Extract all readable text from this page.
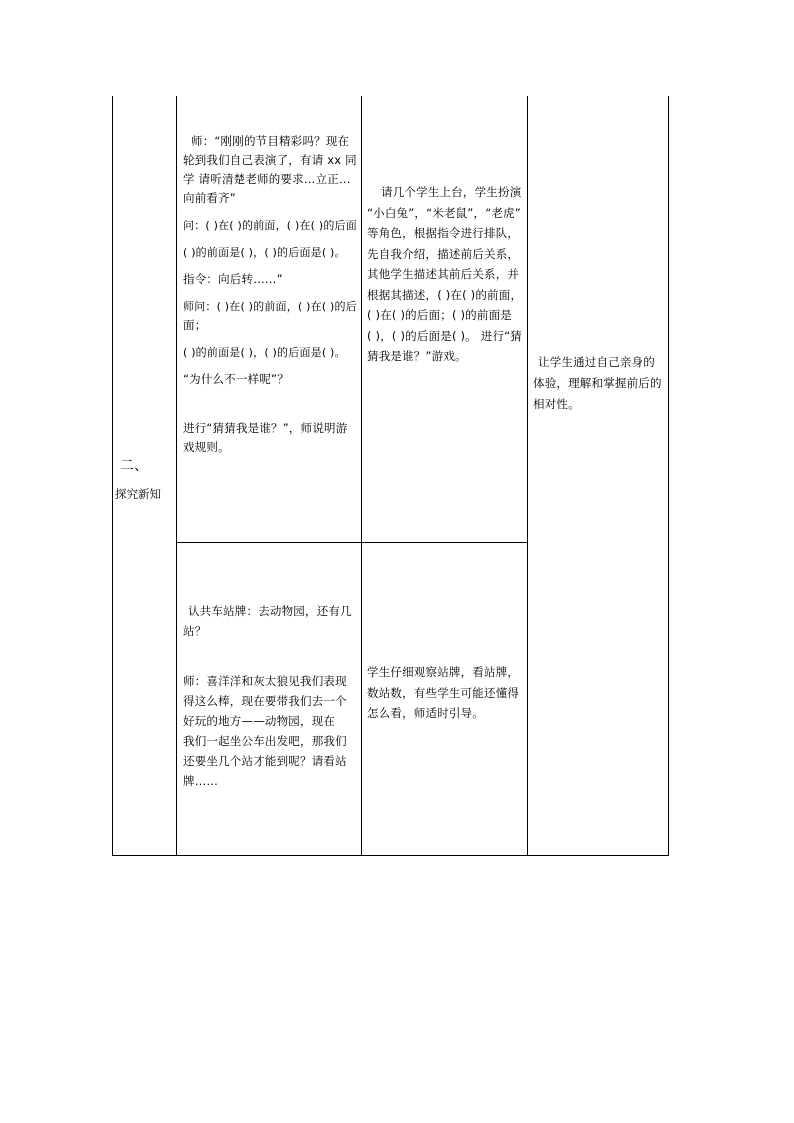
二、
探究新知

师：“刚刚的节目精彩吗？现在

轮到我们自己表演了，有请 xx 同

学 请听清楚老师的要求…立正…

向前看齐”

问：( )在( )的前面，( )在( )的后面

( )的前面是( )，( )的后面是( )。

指令：向后转……”

师问：( )在( )的前面，( )在( )的后

面；

( )的前面是( )，( )的后面是( )。

“为什么不一样呢”？

进行“猜猜我是谁？”，师说明游

戏规则。

请几个学生上台，学生扮演

“小白兔”，“米老鼠”，“老虎”

等角色，根据指令进行排队，

先自我介绍，描述前后关系，

其他学生描述其前后关系，并

根据其描述，( )在( )的前面，

( )在( )的后面；( )的前面是

( )，( )的后面是( )。 进行“猜

猜我是谁？”游戏。

认共车站牌：去动物园，还有几

站？

师：喜洋洋和灰太狼见我们表现

得这么棒，现在要带我们去一个

好玩的地方——动物园，现在

我们一起坐公车出发吧，那我们

还要坐几个站才能到呢？请看站

牌……

学生仔细观察站牌，看站牌，

数站数，有些学生可能还懂得

怎么看，师适时引导。

让学生通过自己亲身的

体验，理解和掌握前后的

相对性。
